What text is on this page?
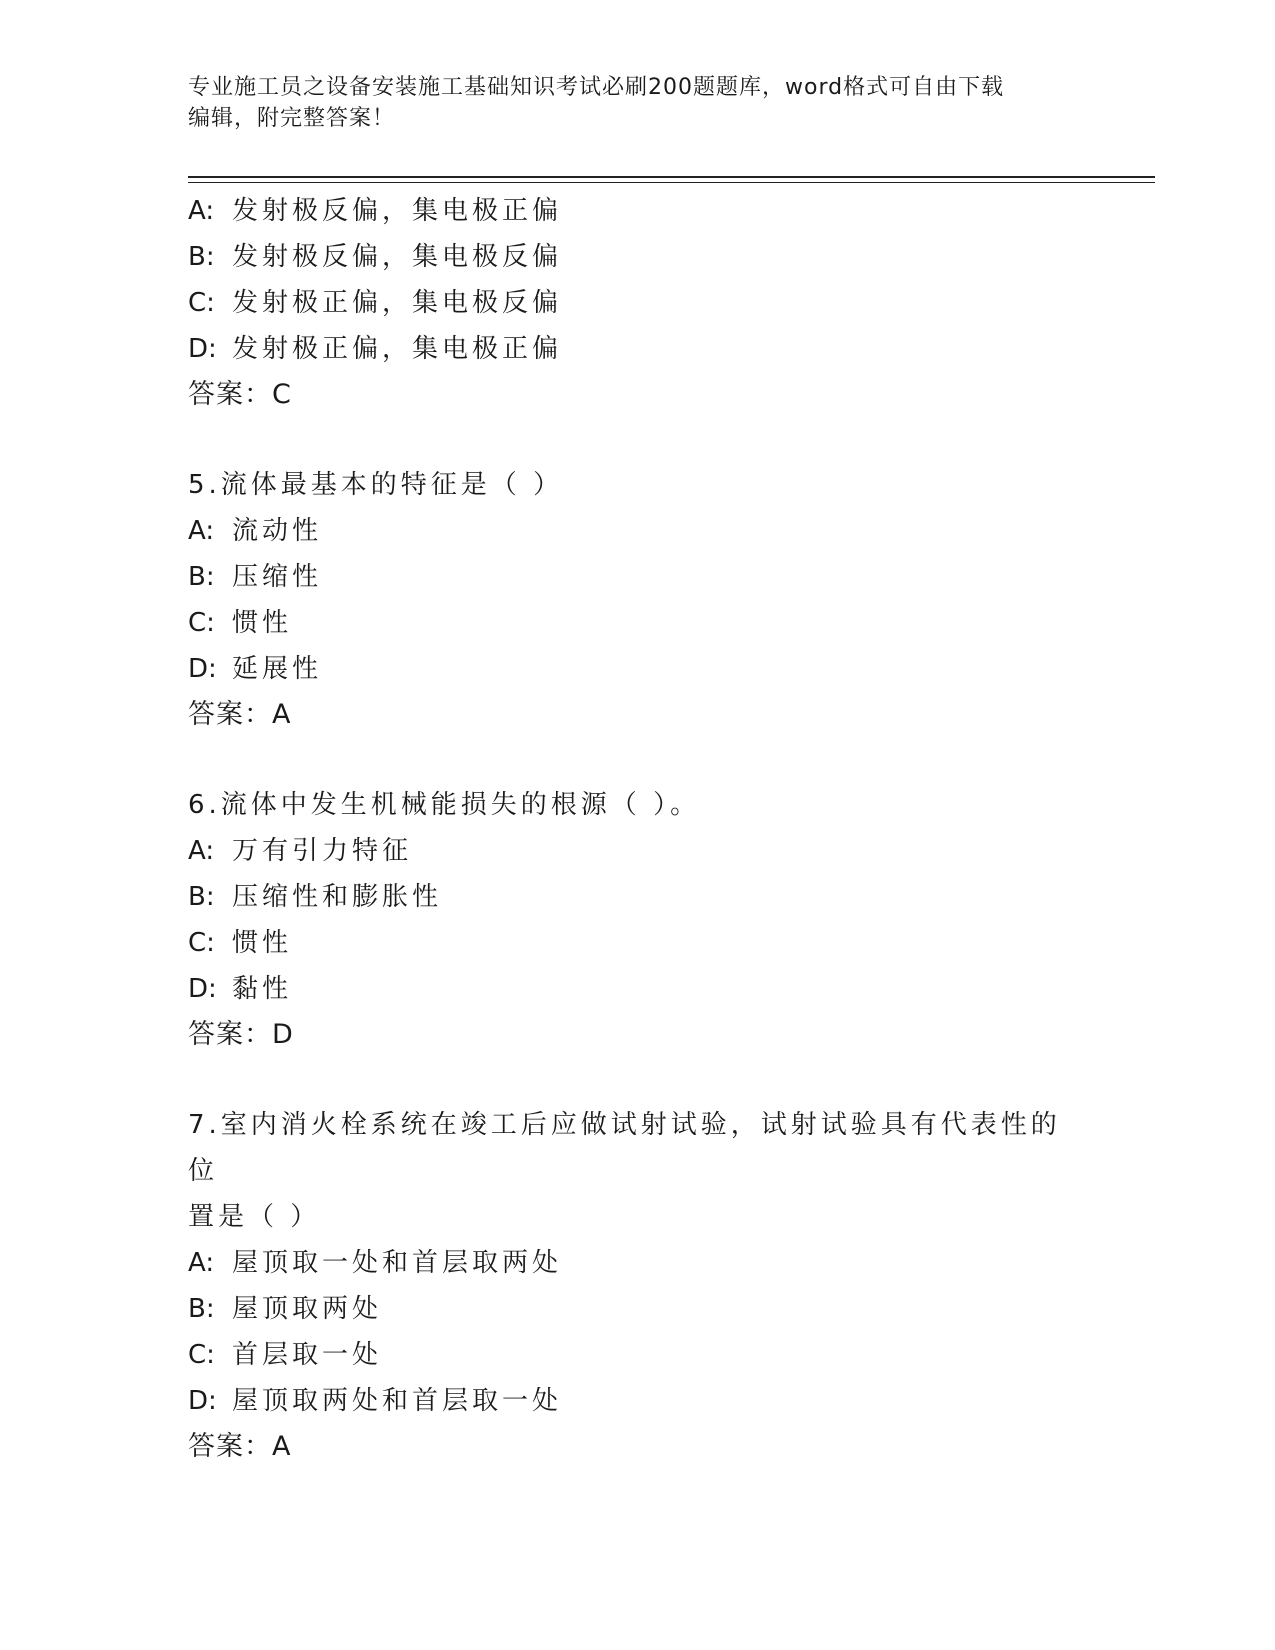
专业施工员之设备安装施工基础知识考试必刷200题题库，word格式可自由下载
编辑，附完整答案！
A: 发射极反偏，集电极正偏
B: 发射极反偏，集电极反偏
C: 发射极正偏，集电极反偏
D: 发射极正偏，集电极正偏
答案：C
5.流体最基本的特征是（ ）
A: 流动性
B: 压缩性
C: 惯性
D: 延展性
答案：A
6.流体中发生机械能损失的根源（ ）。
A: 万有引力特征
B: 压缩性和膨胀性
C: 惯性
D: 黏性
答案：D
7.室内消火栓系统在竣工后应做试射试验，试射试验具有代表性的位
置是（ ）
A: 屋顶取一处和首层取两处
B: 屋顶取两处
C: 首层取一处
D: 屋顶取两处和首层取一处
答案：A
